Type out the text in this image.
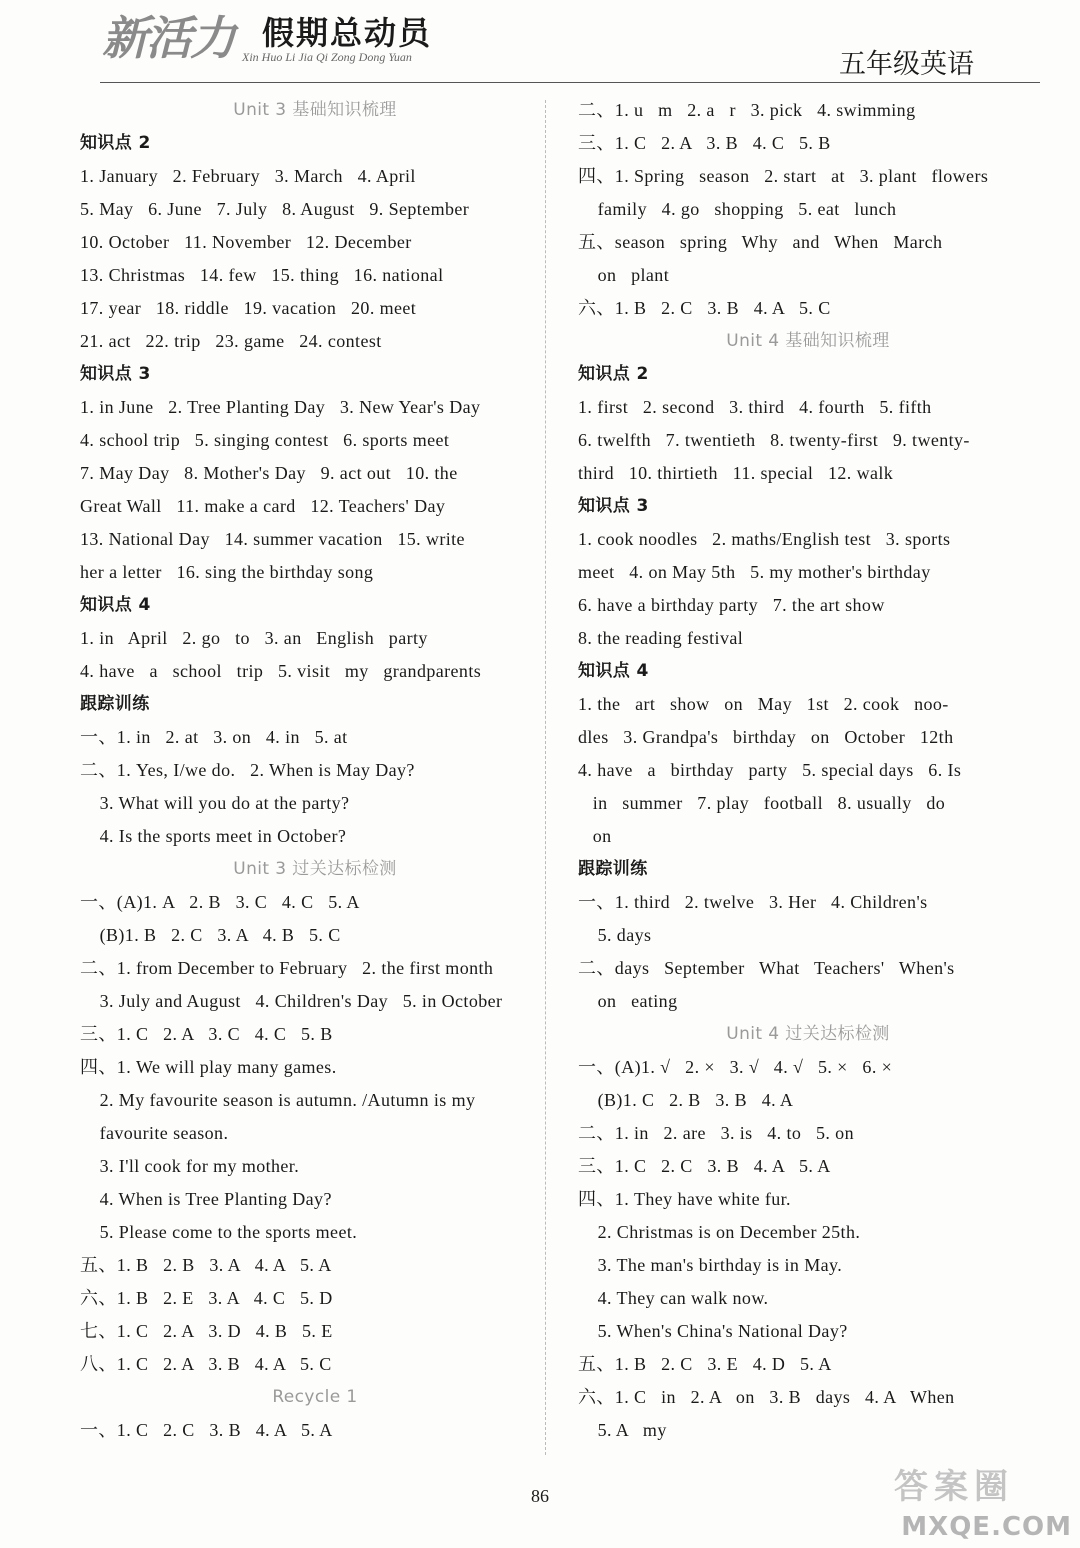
新活力 假期总动员
Xin Huo Li Jia Qi Zong Dong Yuan	五年级英语
Unit 3 基础知识梳理
知识点 2
1. January   2. February   3. March   4. April
5. May   6. June   7. July   8. August   9. September
10. October   11. November   12. December
13. Christmas   14. few   15. thing   16. national
17. year   18. riddle   19. vacation   20. meet
21. act   22. trip   23. game   24. contest
知识点 3
1. in June   2. Tree Planting Day   3. New Year's Day
4. school trip   5. singing contest   6. sports meet
7. May Day   8. Mother's Day   9. act out   10. the
Great Wall   11. make a card   12. Teachers' Day
13. National Day   14. summer vacation   15. write
her a letter   16. sing the birthday song
知识点 4
1. in   April   2. go   to   3. an   English   party
4. have   a   school   trip   5. visit   my   grandparents
跟踪训练
一、1. in   2. at   3. on   4. in   5. at
二、1. Yes, I/we do.   2. When is May Day?
3. What will you do at the party?
4. Is the sports meet in October?
Unit 3 过关达标检测
一、(A)1. A   2. B   3. C   4. C   5. A
(B)1. B   2. C   3. A   4. B   5. C
二、1. from December to February   2. the first month
3. July and August   4. Children's Day   5. in October
三、1. C   2. A   3. C   4. C   5. B
四、1. We will play many games.
2. My favourite season is autumn. /Autumn is my
favourite season.
3. I'll cook for my mother.
4. When is Tree Planting Day?
5. Please come to the sports meet.
五、1. B   2. B   3. A   4. A   5. A
六、1. B   2. E   3. A   4. C   5. D
七、1. C   2. A   3. D   4. B   5. E
八、1. C   2. A   3. B   4. A   5. C
Recycle 1
一、1. C   2. C   3. B   4. A   5. A
二、1. u   m   2. a   r   3. pick   4. swimming
三、1. C   2. A   3. B   4. C   5. B
四、1. Spring   season   2. start   at   3. plant   flowers
family   4. go   shopping   5. eat   lunch
五、season   spring   Why   and   When   March
on   plant
六、1. B   2. C   3. B   4. A   5. C
Unit 4 基础知识梳理
知识点 2
1. first   2. second   3. third   4. fourth   5. fifth
6. twelfth   7. twentieth   8. twenty-first   9. twenty-
third   10. thirtieth   11. special   12. walk
知识点 3
1. cook noodles   2. maths/English test   3. sports
meet   4. on May 5th   5. my mother's birthday
6. have a birthday party   7. the art show
8. the reading festival
知识点 4
1. the   art   show   on   May   1st   2. cook   noo-
dles   3. Grandpa's   birthday   on   October   12th
4. have   a   birthday   party   5. special days   6. Is
in   summer   7. play   football   8. usually   do
on
跟踪训练
一、1. third   2. twelve   3. Her   4. Children's
5. days
二、days   September   What   Teachers'   When's
on   eating
Unit 4 过关达标检测
一、(A)1. √   2. ×   3. √   4. √   5. ×   6. ×
(B)1. C   2. B   3. B   4. A
二、1. in   2. are   3. is   4. to   5. on
三、1. C   2. C   3. B   4. A   5. A
四、1. They have white fur.
2. Christmas is on December 25th.
3. The man's birthday is in May.
4. They can walk now.
5. When's China's National Day?
五、1. B   2. C   3. E   4. D   5. A
六、1. C   in   2. A   on   3. B   days   4. A   When
5. A   my
86	答案圈
MXQE.COM
